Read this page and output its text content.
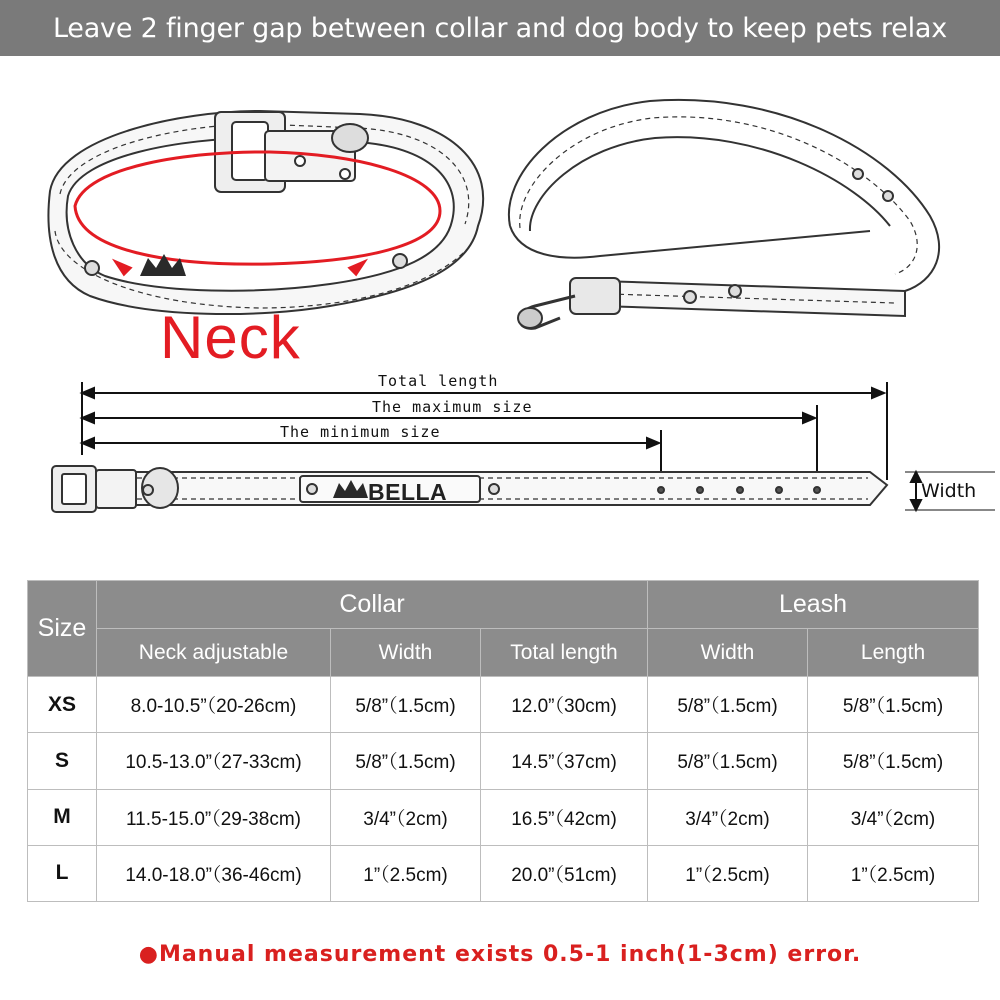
Leave 2 finger gap between collar and dog body to keep pets relax
Neck
Total length
The maximum size
The minimum size
BELLA	Width
Size	Collar			Leash	
	Neck adjustable	Width	Total length	Width	Length
XS	8.0-10.5”（20-26cm)	5/8”（1.5cm)	12.0”（30cm)	5/8”（1.5cm)	5/8”（1.5cm)
S	10.5-13.0”（27-33cm)	5/8”（1.5cm)	14.5”（37cm)	5/8”（1.5cm)	5/8”（1.5cm)
M	11.5-15.0”（29-38cm)	3/4”（2cm)	16.5”（42cm)	3/4”（2cm)	3/4”（2cm)
L	14.0-18.0”（36-46cm)	1”（2.5cm)	20.0”（51cm)	1”（2.5cm)	1”（2.5cm)
●Manual measurement exists 0.5-1 inch(1-3cm) error.
